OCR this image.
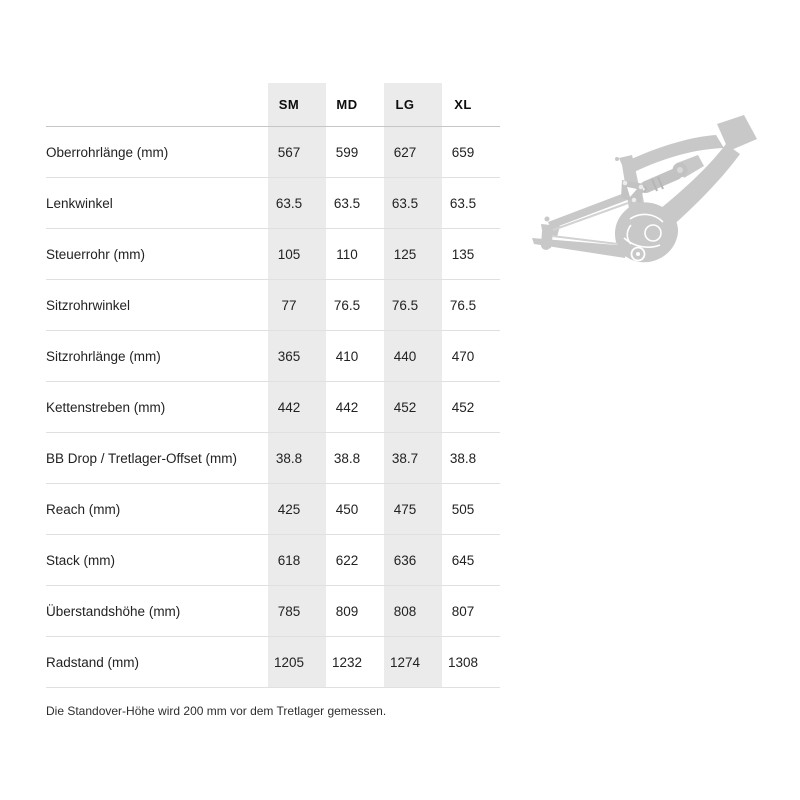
SM	MD	LG	XL
Oberrohrlänge (mm)	567	599	627	659
Lenkwinkel	63.5	63.5	63.5	63.5
Steuerrohr (mm)	105	110	125	135
Sitzrohrwinkel	77	76.5	76.5	76.5
Sitzrohrlänge (mm)	365	410	440	470
Kettenstreben (mm)	442	442	452	452
BB Drop / Tretlager-Offset (mm)	38.8	38.8	38.7	38.8
Reach (mm)	425	450	475	505
Stack (mm)	618	622	636	645
Überstandshöhe (mm)	785	809	808	807
Radstand (mm)	1205	1232	1274	1308
Die Standover-Höhe wird 200 mm vor dem Tretlager gemessen.
